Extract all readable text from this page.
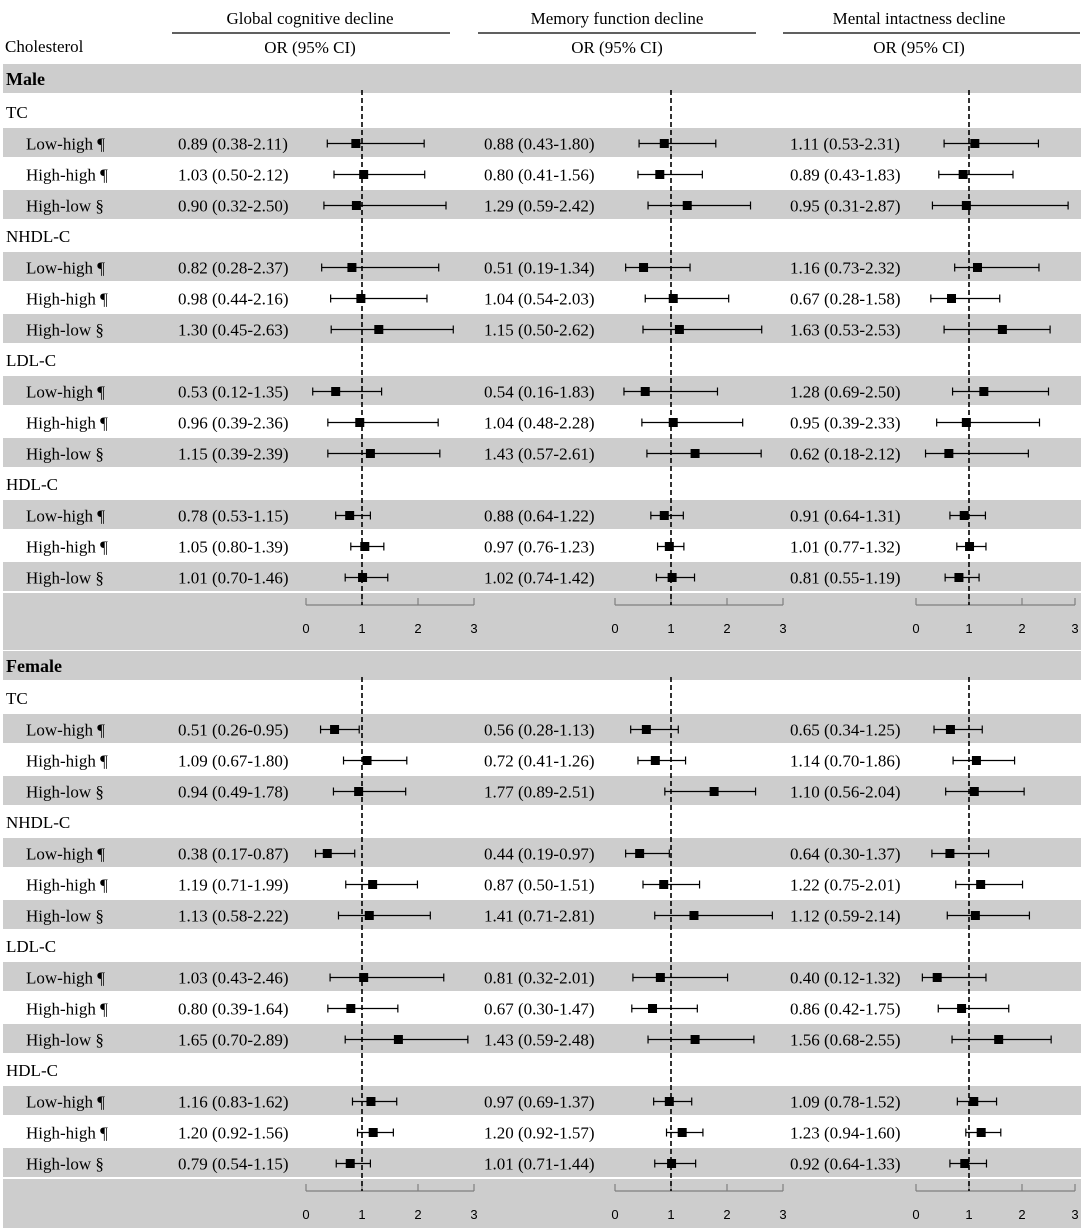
Global cognitive decline	Memory function decline	Mental intactness decline
Cholesterol	OR (95% CI)	OR (95% CI)	OR (95% CI)
Male
TC
Low-high ¶	0.89 (0.38-2.11)	0.88 (0.43-1.80)	1.11 (0.53-2.31)
High-high ¶	1.03 (0.50-2.12)	0.80 (0.41-1.56)	0.89 (0.43-1.83)
High-low §	0.90 (0.32-2.50)	1.29 (0.59-2.42)	0.95 (0.31-2.87)
NHDL-C
Low-high ¶	0.82 (0.28-2.37)	0.51 (0.19-1.34)	1.16 (0.73-2.32)
High-high ¶	0.98 (0.44-2.16)	1.04 (0.54-2.03)	0.67 (0.28-1.58)
High-low §	1.30 (0.45-2.63)	1.15 (0.50-2.62)	1.63 (0.53-2.53)
LDL-C
Low-high ¶	0.53 (0.12-1.35)	0.54 (0.16-1.83)	1.28 (0.69-2.50)
High-high ¶	0.96 (0.39-2.36)	1.04 (0.48-2.28)	0.95 (0.39-2.33)
High-low §	1.15 (0.39-2.39)	1.43 (0.57-2.61)	0.62 (0.18-2.12)
HDL-C
Low-high ¶	0.78 (0.53-1.15)	0.88 (0.64-1.22)	0.91 (0.64-1.31)
High-high ¶	1.05 (0.80-1.39)	0.97 (0.76-1.23)	1.01 (0.77-1.32)
High-low §	1.01 (0.70-1.46)	1.02 (0.74-1.42)	0.81 (0.55-1.19)
Female
TC
Low-high ¶	0.51 (0.26-0.95)	0.56 (0.28-1.13)	0.65 (0.34-1.25)
High-high ¶	1.09 (0.67-1.80)	0.72 (0.41-1.26)	1.14 (0.70-1.86)
High-low §	0.94 (0.49-1.78)	1.77 (0.89-2.51)	1.10 (0.56-2.04)
NHDL-C
Low-high ¶	0.38 (0.17-0.87)	0.44 (0.19-0.97)	0.64 (0.30-1.37)
High-high ¶	1.19 (0.71-1.99)	0.87 (0.50-1.51)	1.22 (0.75-2.01)
High-low §	1.13 (0.58-2.22)	1.41 (0.71-2.81)	1.12 (0.59-2.14)
LDL-C
Low-high ¶	1.03 (0.43-2.46)	0.81 (0.32-2.01)	0.40 (0.12-1.32)
High-high ¶	0.80 (0.39-1.64)	0.67 (0.30-1.47)	0.86 (0.42-1.75)
High-low §	1.65 (0.70-2.89)	1.43 (0.59-2.48)	1.56 (0.68-2.55)
HDL-C
Low-high ¶	1.16 (0.83-1.62)	0.97 (0.69-1.37)	1.09 (0.78-1.52)
High-high ¶	1.20 (0.92-1.56)	1.20 (0.92-1.57)	1.23 (0.94-1.60)
High-low §	0.79 (0.54-1.15)	1.01 (0.71-1.44)	0.92 (0.64-1.33)
0	1	2	3	0	1	2	3	0	1	2	3
0	1	2	3	0	1	2	3	0	1	2	3
